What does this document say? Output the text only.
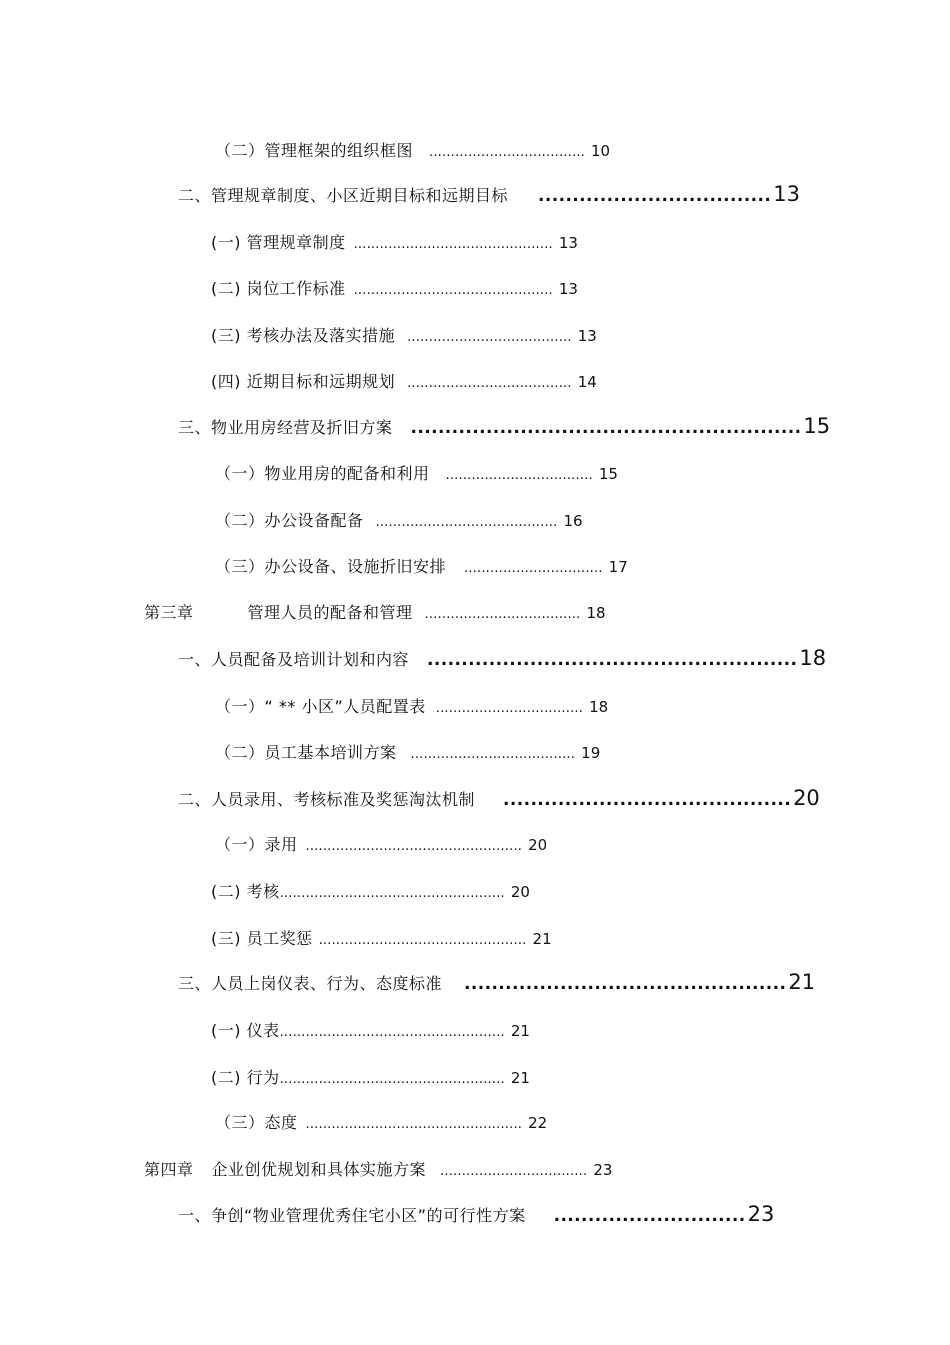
（二）管理框架的组织框图 .................................... 10
二、管理规章制度、小区近期目标和远期目标 .................................. 13
(一) 管理规章制度 .............................................. 13
(二) 岗位工作标准 .............................................. 13
(三) 考核办法及落实措施 ...................................... 13
(四) 近期目标和远期规划 ...................................... 14
三、物业用房经营及折旧方案 ......................................................... 15
（一）物业用房的配备和利用 .................................. 15
（二）办公设备配备 .......................................... 16
（三）办公设备、设施折旧安排 ................................ 17
第三章	管理人员的配备和管理 .................................... 18
一、人员配备及培训计划和内容 ...................................................... 18
（一）“ ** 小区”人员配置表 .................................. 18
（二）员工基本培训方案 ...................................... 19
二、人员录用、考核标准及奖惩淘汰机制 .......................................... 20
（一）录用 .................................................. 20
(二) 考核 .................................................... 20
(三) 员工奖惩 ................................................ 21
三、人员上岗仪表、行为、态度标准 ............................................... 21
(一) 仪表 .................................................... 21
(二) 行为 .................................................... 21
（三）态度 .................................................. 22
第四章 企业创优规划和具体实施方案 .................................. 23
一、争创“物业管理优秀住宅小区”的可行性方案 ............................ 23
